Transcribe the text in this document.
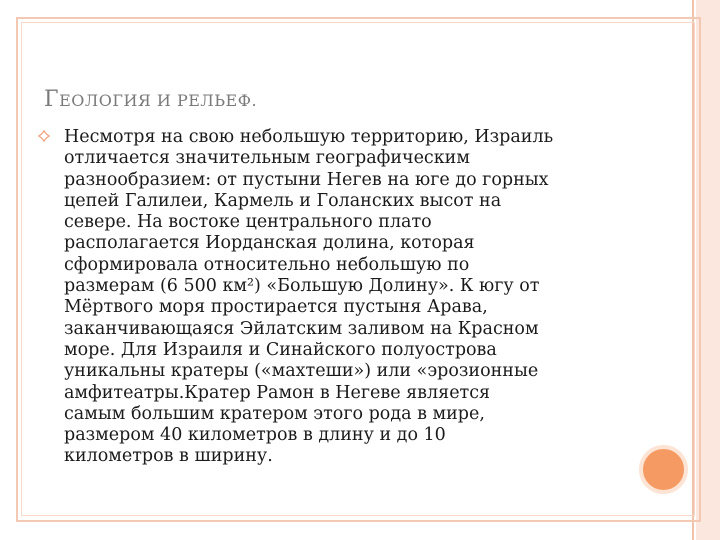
ГЕОЛОГИЯ И РЕЛЬЕФ.
Несмотря на свою небольшую территорию, Израиль
отличается значительным географическим
разнообразием: от пустыни Негев на юге до горных
цепей Галилеи, Кармель и Голанских высот на
севере. На востоке центрального плато
располагается Иорданская долина, которая
сформировала относительно небольшую по
размерам (6 500 км²) «Большую Долину». К югу от
Мёртвого моря простирается пустыня Арава,
заканчивающаяся Эйлатским заливом на Красном
море. Для Израиля и Синайского полуострова
уникальны кратеры («махтеши») или «эрозионные
амфитеатры.Кратер Рамон в Негеве является
самым большим кратером этого рода в мире,
размером 40 километров в длину и до 10
километров в ширину.
